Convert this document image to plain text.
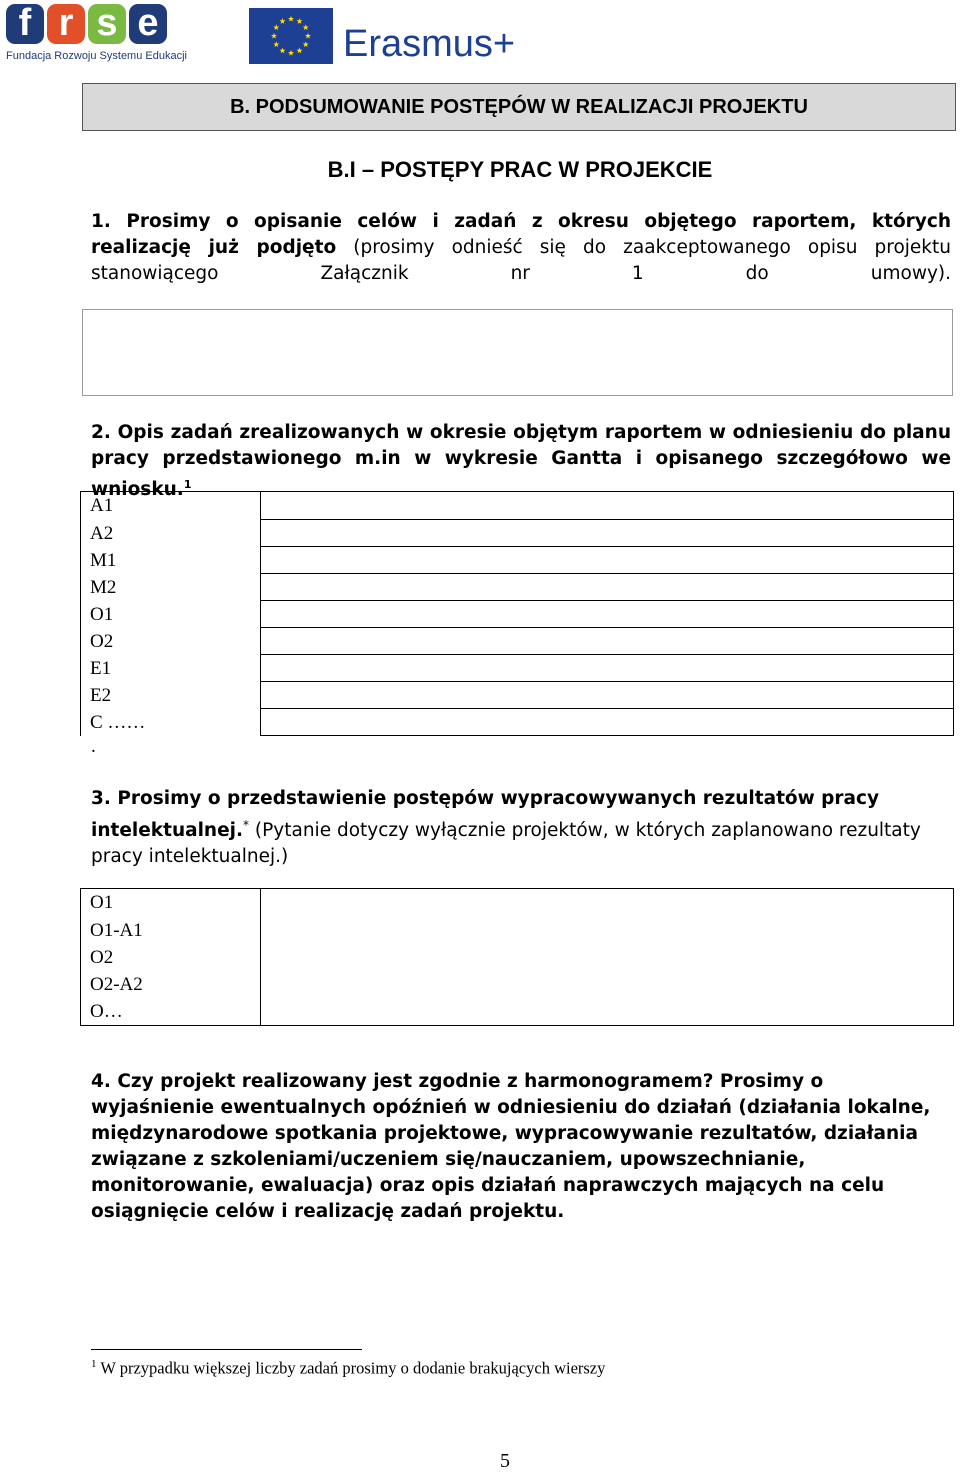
f r s e
Fundacja Rozwoju Systemu Edukacji	Erasmus+
B. PODSUMOWANIE POSTĘPÓW W REALIZACJI PROJEKTU
B.I – POSTĘPY PRAC W PROJEKCIE
1. Prosimy o opisanie celów i zadań z okresu objętego raportem, których realizację już podjęto (prosimy odnieść się do zaakceptowanego opisu projektu stanowiącego Załącznik nr 1 do umowy).
2. Opis zadań zrealizowanych w okresie objętym raportem w odniesieniu do planu pracy przedstawionego m.in w wykresie Gantta i opisanego szczegółowo we wniosku.$^1$
A1	
A2	
M1	
M2	
O1	
O2	
E1	
E2	
C ……	
.
3. Prosimy o przedstawienie postępów wypracowywanych rezultatów pracy intelektualnej.* (Pytanie dotyczy wyłącznie projektów, w których zaplanowano rezultaty pracy intelektualnej.)
O1	
O1-A1
O2
O2-A2
O…
4. Czy projekt realizowany jest zgodnie z harmonogramem? Prosimy o wyjaśnienie ewentualnych opóźnień w odniesieniu do działań (działania lokalne, międzynarodowe spotkania projektowe, wypracowywanie rezultatów, działania związane z szkoleniami/uczeniem się/nauczaniem, upowszechnianie, monitorowanie, ewaluacja) oraz opis działań naprawczych mających na celu osiągnięcie celów i realizację zadań projektu.
$^1$ W przypadku większej liczby zadań prosimy o dodanie brakujących wierszy
5
